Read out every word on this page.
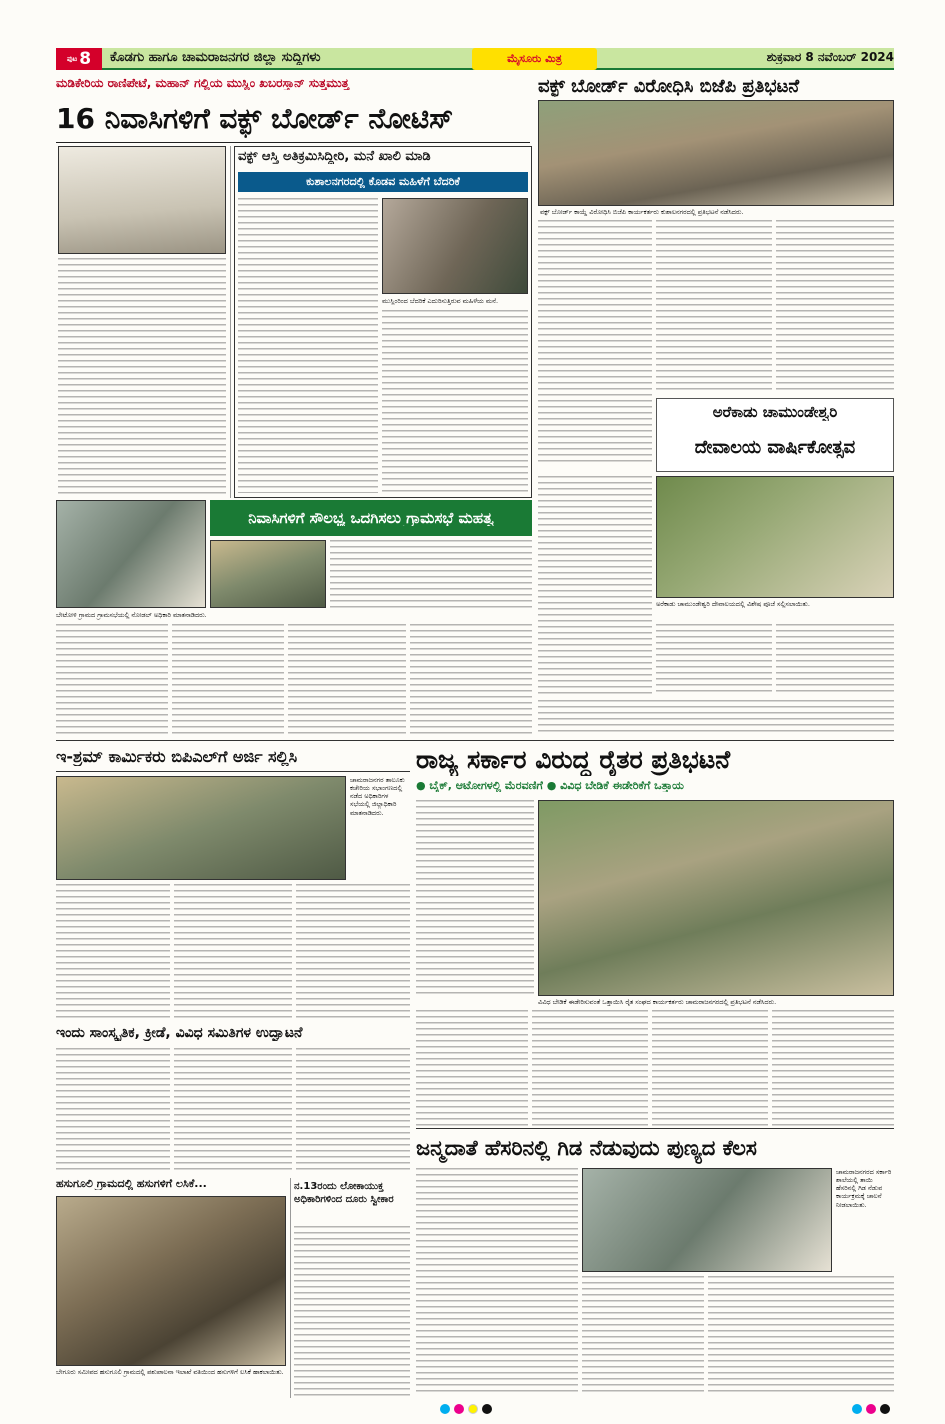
ಪುಟ 8 ಕೊಡಗು ಹಾಗೂ ಚಾಮರಾಜನಗರ ಜಿಲ್ಲಾ ಸುದ್ದಿಗಳು	ಮೈಸೂರು ಮಿತ್ರ	ಶುಕ್ರವಾರ 8 ನವೆಂಬರ್ 2024
ಮಡಿಕೇರಿಯ ರಾಣಿಪೇಟೆ, ಮಹಾನ್ ಗಲ್ಲಿಯ ಮುಸ್ಲಿಂ ಖಬರಸ್ತಾನ್ ಸುತ್ತಮುತ್ತ
16 ನಿವಾಸಿಗಳಿಗೆ ವಕ್ಫ್ ಬೋರ್ಡ್ ನೋಟಿಸ್
ವಕ್ಫ್ ಆಸ್ತಿ ಅತಿಕ್ರಮಿಸಿದ್ದೀರಿ, ಮನೆ ಖಾಲಿ ಮಾಡಿ
ಕುಶಾಲನಗರದಲ್ಲಿ ಕೊಡವ ಮಹಿಳೆಗೆ ಬೆದರಿಕೆ
ಮುಸ್ಲಿಂರಿಂದ ಬೆದರಿಕೆ ಎದುರಿಸುತ್ತಿರುವ ಮಹಿಳೆಯ ಮನೆ.
ವಕ್ಫ್ ಬೋರ್ಡ್ ವಿರೋಧಿಸಿ ಬಿಜೆಪಿ ಪ್ರತಿಭಟನೆ
ವಕ್ಫ್ ಬೋರ್ಡ್ ಕಾಯ್ದೆ ವಿರೋಧಿಸಿ ಬಿಜೆಪಿ ಕಾರ್ಯಕರ್ತರು ಕುಶಾಲನಗರದಲ್ಲಿ ಪ್ರತಿಭಟನೆ ನಡೆಸಿದರು.
ಅರೆಕಾಡು ಚಾಮುಂಡೇಶ್ವರಿ
ದೇವಾಲಯ ವಾರ್ಷಿಕೋತ್ಸವ
ಅರೆಕಾಡು ಚಾಮುಂಡೇಶ್ವರಿ ದೇವಾಲಯದಲ್ಲಿ ವಿಶೇಷ ಪೂಜೆ ಸಲ್ಲಿಸಲಾಯಿತು.
ನಿವಾಸಿಗಳಿಗೆ ಸೌಲಭ್ಯ ಒದಗಿಸಲು ಗ್ರಾಮಸಭೆ ಮಹತ್ವ
ಬೇಟೋಳಿ ಗ್ರಾಮದ ಗ್ರಾಮಸಭೆಯಲ್ಲಿ ನೋಡಲ್ ಅಧಿಕಾರಿ ಮಾತನಾಡಿದರು.
ಇ-ಶ್ರಮ್ ಕಾರ್ಮಿಕರು ಬಿಪಿಎಲ್‌ಗೆ ಅರ್ಜಿ ಸಲ್ಲಿಸಿ
ಚಾಮರಾಜನಗರ ತಾಲೂಕು ಕಚೇರಿಯ ಸಭಾಂಗಣದಲ್ಲಿ ನಡೆದ ಅಧಿಕಾರಿಗಳ ಸಭೆಯಲ್ಲಿ ಜಿಲ್ಲಾಧಿಕಾರಿ ಮಾತನಾಡಿದರು.
ರಾಜ್ಯ ಸರ್ಕಾರ ವಿರುದ್ಧ ರೈತರ ಪ್ರತಿಭಟನೆ
● ಬೈಕ್, ಆಟೋಗಳಲ್ಲಿ ಮೆರವಣಿಗೆ ● ವಿವಿಧ ಬೇಡಿಕೆ ಈಡೇರಿಕೆಗೆ ಒತ್ತಾಯ
ವಿವಿಧ ಬೇಡಿಕೆ ಈಡೇರಿಸುವಂತೆ ಒತ್ತಾಯಿಸಿ ರೈತ ಸಂಘದ ಕಾರ್ಯಕರ್ತರು ಚಾಮರಾಜನಗರದಲ್ಲಿ ಪ್ರತಿಭಟನೆ ನಡೆಸಿದರು.
ಇಂದು ಸಾಂಸ್ಕೃತಿಕ, ಕ್ರೀಡೆ, ವಿವಿಧ ಸಮಿತಿಗಳ ಉದ್ಘಾಟನೆ
ಜನ್ಮದಾತೆ ಹೆಸರಿನಲ್ಲಿ ಗಿಡ ನೆಡುವುದು ಪುಣ್ಯದ ಕೆಲಸ
ಚಾಮರಾಜನಗರದ ಸರ್ಕಾರಿ ಶಾಲೆಯಲ್ಲಿ ತಾಯಿ ಹೆಸರಿನಲ್ಲಿ ಗಿಡ ನೆಡುವ ಕಾರ್ಯಕ್ರಮಕ್ಕೆ ಚಾಲನೆ ನೀಡಲಾಯಿತು.
ಹಸುಗೂಲಿ ಗ್ರಾಮದಲ್ಲಿ ಹಸುಗಳಿಗೆ ಲಸಿಕೆ...
ಬೇಗೂರು ಸಮೀಪದ ಹಸುಗೂಲಿ ಗ್ರಾಮದಲ್ಲಿ ಪಶುಪಾಲನಾ ಇಲಾಖೆ ವತಿಯಿಂದ ಹಸುಗಳಿಗೆ ಲಸಿಕೆ ಹಾಕಲಾಯಿತು.
ನ.13ರಂದು ಲೋಕಾಯುಕ್ತ ಅಧಿಕಾರಿಗಳಿಂದ ದೂರು ಸ್ವೀಕಾರ
